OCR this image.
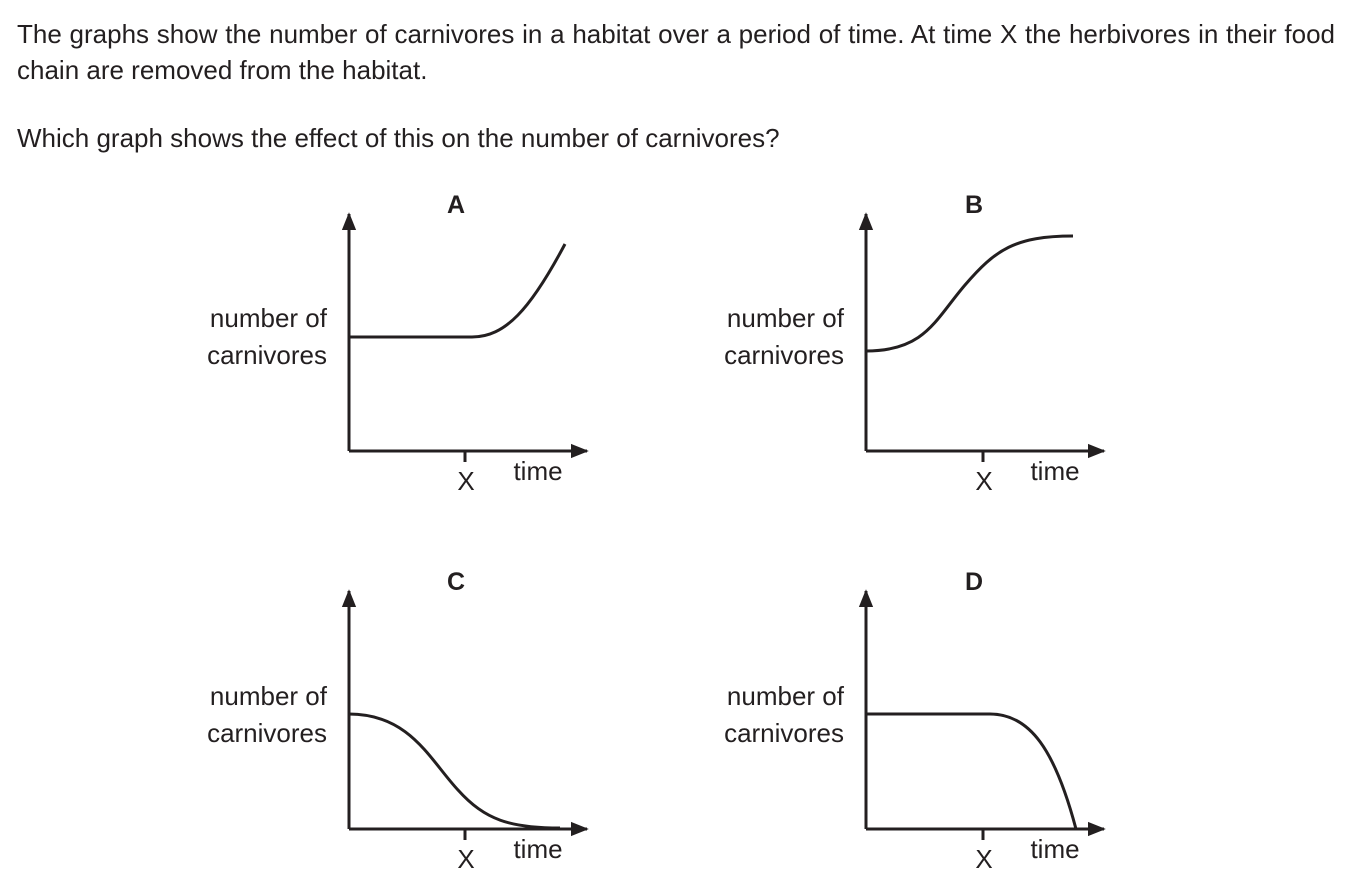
The graphs show the number of carnivores in a habitat over a period of time. At time X the herbivores in their food chain are removed from the habitat.

Which graph shows the effect of this on the number of carnivores?

A
number of
carnivores
X time
B
number of
carnivores
X time
C
number of
carnivores
X time
D
number of
carnivores
X time
